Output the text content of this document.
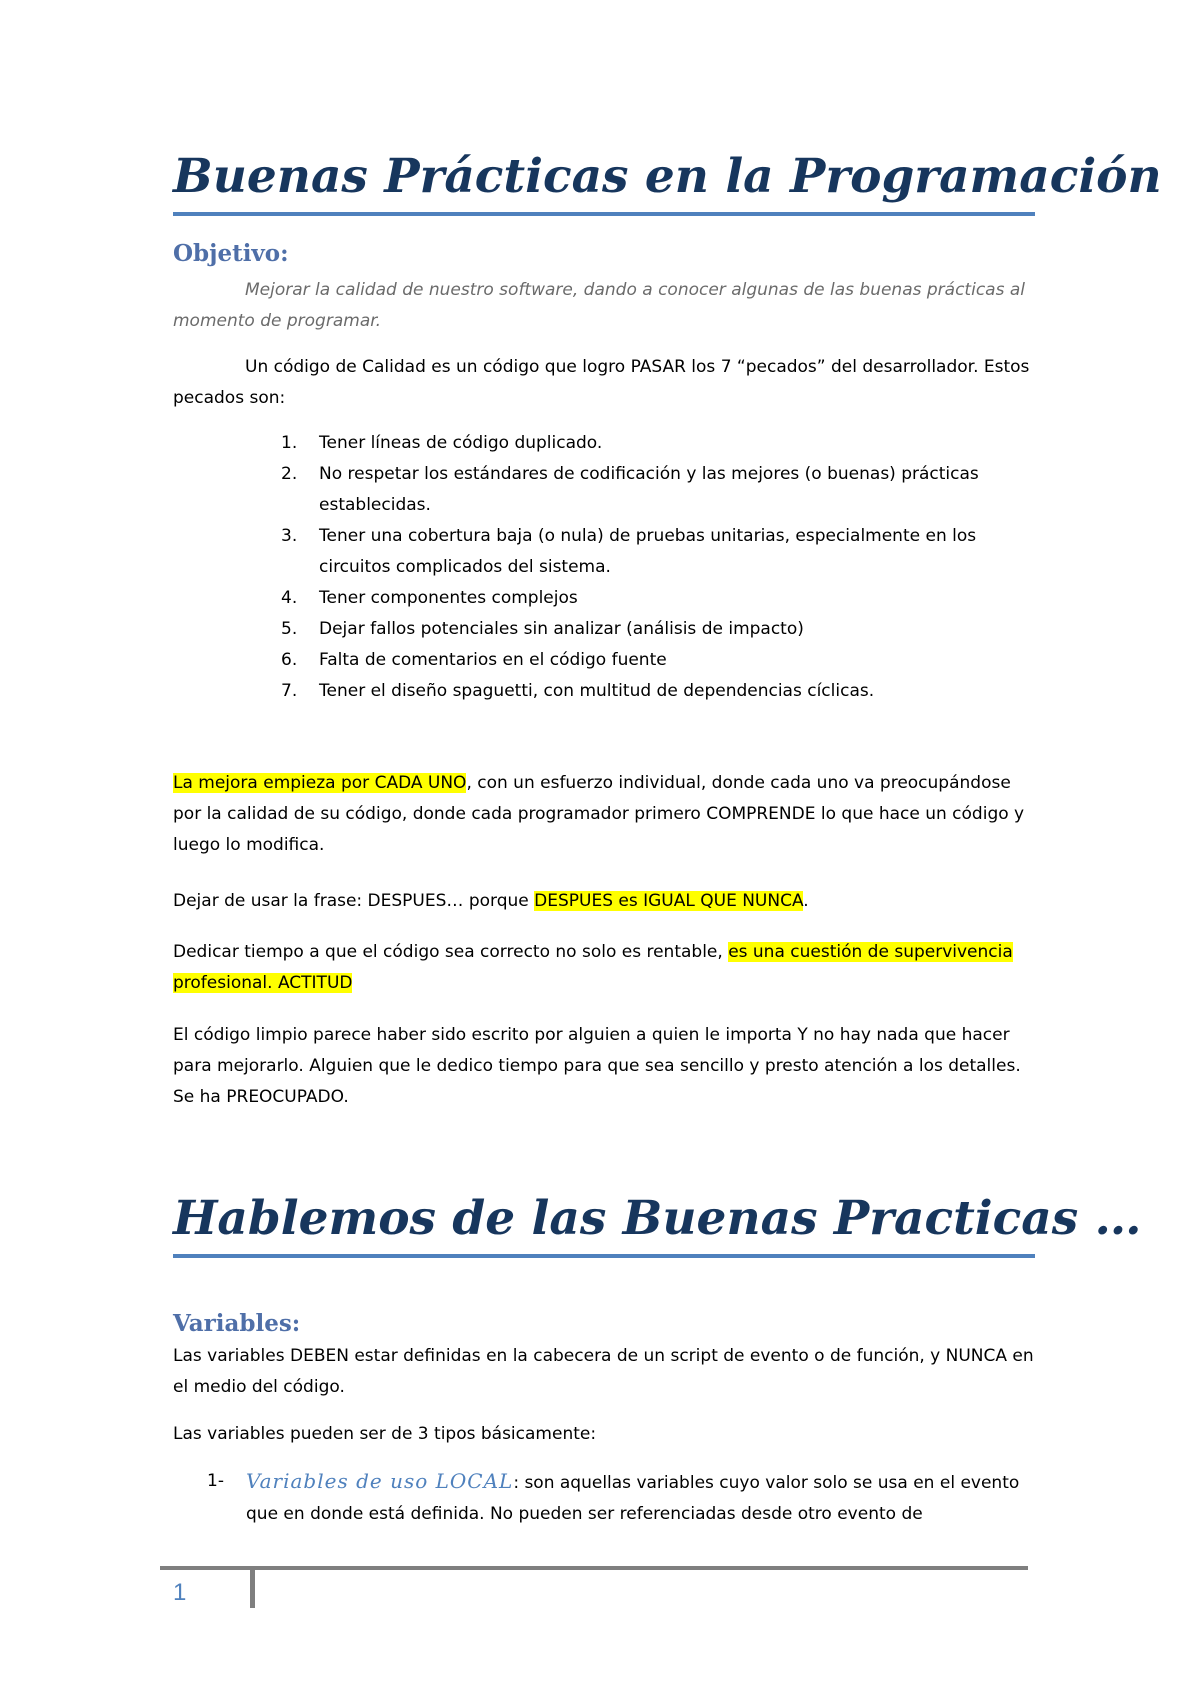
Buenas Prácticas en la Programación
Objetivo:

Mejorar la calidad de nuestro software, dando a conocer algunas de las buenas prácticas al momento de programar.

Un código de Calidad es un código que logro PASAR los 7 “pecados” del desarrollador. Estos pecados son:

1. Tener líneas de código duplicado.
2. No respetar los estándares de codificación y las mejores (o buenas) prácticas establecidas.
3. Tener una cobertura baja (o nula) de pruebas unitarias, especialmente en los circuitos complicados del sistema.
4. Tener componentes complejos
5. Dejar fallos potenciales sin analizar (análisis de impacto)
6. Falta de comentarios en el código fuente
7. Tener el diseño spaguetti, con multitud de dependencias cíclicas.

La mejora empieza por CADA UNO, con un esfuerzo individual, donde cada uno va preocupándose por la calidad de su código, donde cada programador primero COMPRENDE lo que hace un código y luego lo modifica.

Dejar de usar la frase: DESPUES… porque DESPUES es IGUAL QUE NUNCA.

Dedicar tiempo a que el código sea correcto no solo es rentable, es una cuestión de supervivencia profesional. ACTITUD

El código limpio parece haber sido escrito por alguien a quien le importa Y no hay nada que hacer para mejorarlo. Alguien que le dedico tiempo para que sea sencillo y presto atención a los detalles. Se ha PREOCUPADO.

Hablemos de las Buenas Practicas …
Variables:

Las variables DEBEN estar definidas en la cabecera de un script de evento o de función, y NUNCA en el medio del código.

Las variables pueden ser de 3 tipos básicamente:

1- Variables de uso LOCAL: son aquellas variables cuyo valor solo se usa en el evento que en donde está definida. No pueden ser referenciadas desde otro evento de
1
